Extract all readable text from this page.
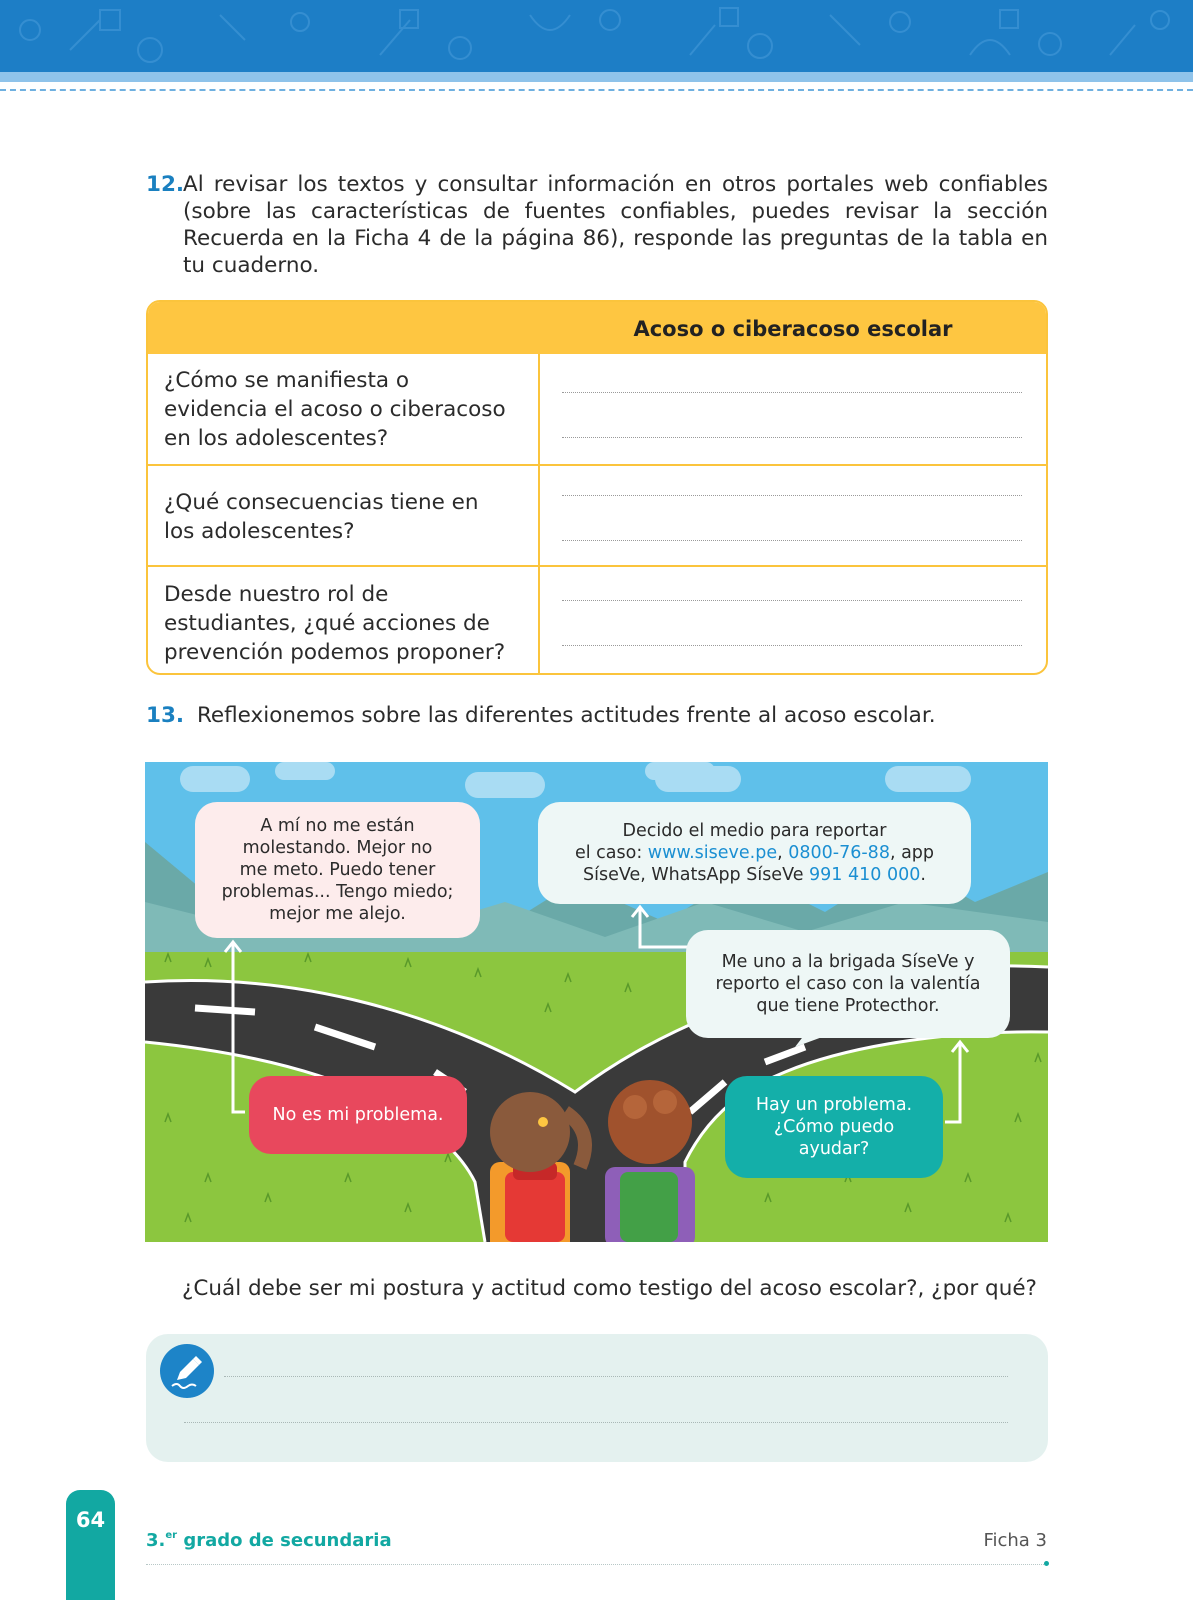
12.
Al revisar los textos y consultar información en otros portales web confiables (sobre las características de fuentes confiables, puedes revisar la sección Recuerda en la Ficha 4 de la página 86), responde las preguntas de la tabla en tu cuaderno.
Acoso o ciberacoso escolar
¿Cómo se manifiesta o
evidencia el acoso o ciberacoso
en los adolescentes?
¿Qué consecuencias tiene en
los adolescentes?
Desde nuestro rol de
estudiantes, ¿qué acciones de
prevención podemos proponer?
13. Reflexionemos sobre las diferentes actitudes frente al acoso escolar.
A mí no me están
molestando. Mejor no
me meto. Puedo tener
problemas... Tengo miedo;
mejor me alejo.
Decido el medio para reportar
el caso: www.siseve.pe, 0800-76-88, app
SíseVe, WhatsApp SíseVe 991 410 000.
Me uno a la brigada SíseVe y
reporto el caso con la valentía
que tiene Protecthor.
No es mi problema.	Hay un problema.
¿Cómo puedo
ayudar?
¿Cuál debe ser mi postura y actitud como testigo del acoso escolar?, ¿por qué?
64
3.$^{er}$ grado de secundaria	Ficha 3
